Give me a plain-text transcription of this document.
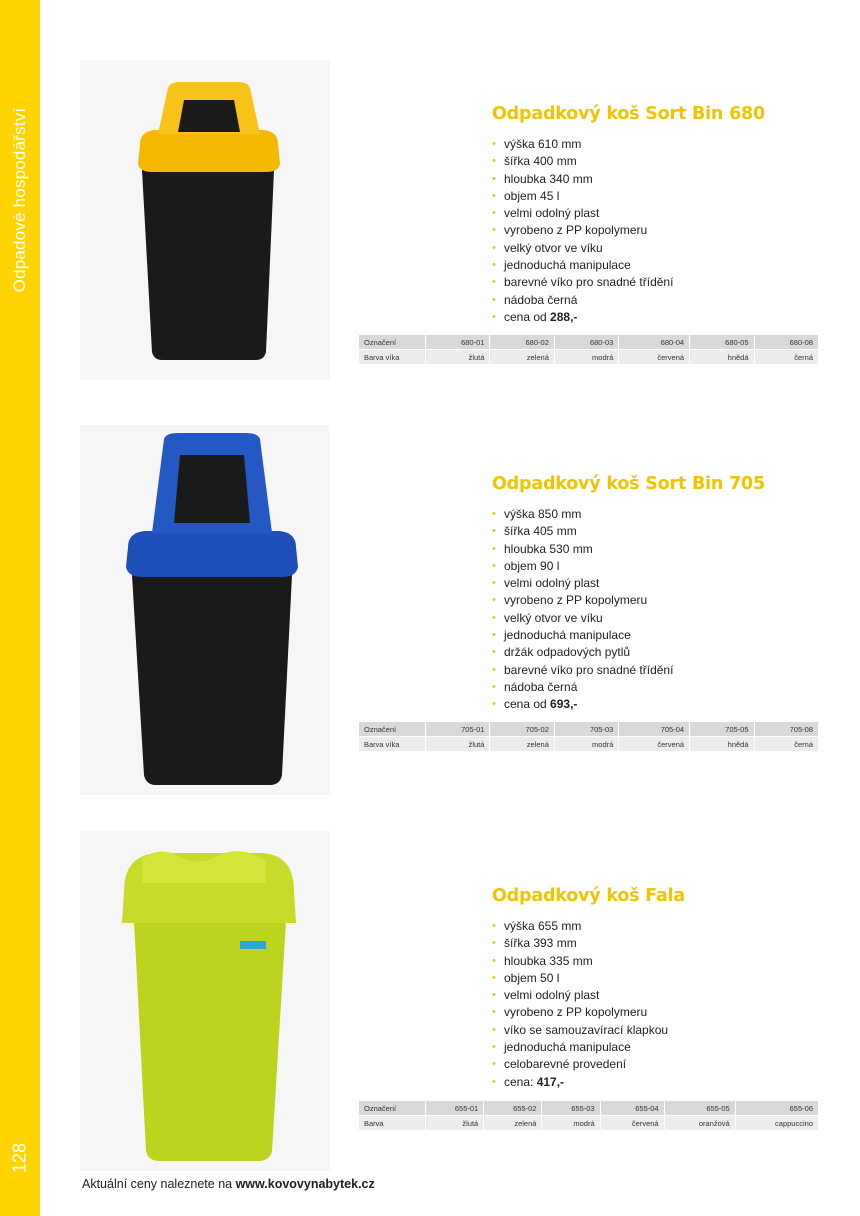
Odpadové hospodářství
128
Odpadkový koš Sort Bin 680
• výška 610 mm
• šířka 400 mm
• hloubka 340 mm
• objem 45 l
• velmi odolný plast
• vyrobeno z PP kopolymeru
• velký otvor ve víku
• jednoduchá manipulace
• barevné víko pro snadné třídění
• nádoba černá
• cena od 288,-
Označení	680-01	680-02	680-03	680-04	680-05	680-08
Barva víka	žlutá	zelená	modrá	červená	hnědá	černá
Odpadkový koš Sort Bin 705
• výška 850 mm
• šířka 405 mm
• hloubka 530 mm
• objem 90 l
• velmi odolný plast
• vyrobeno z PP kopolymeru
• velký otvor ve víku
• jednoduchá manipulace
• držák odpadových pytlů
• barevné víko pro snadné třídění
• nádoba černá
• cena od 693,-
Označení	705-01	705-02	705-03	705-04	705-05	705-08
Barva víka	žlutá	zelená	modrá	červená	hnědá	černá
Odpadkový koš Fala
• výška 655 mm
• šířka 393 mm
• hloubka 335 mm
• objem 50 l
• velmi odolný plast
• vyrobeno z PP kopolymeru
• víko se samouzavírací klapkou
• jednoduchá manipulace
• celobarevné provedení
• cena: 417,-
Označení	655-01	655-02	655-03	655-04	655-05	655-06
Barva	žlutá	zelená	modrá	červená	oranžová	cappuccino
Aktuální ceny naleznete na www.kovovynabytek.cz
